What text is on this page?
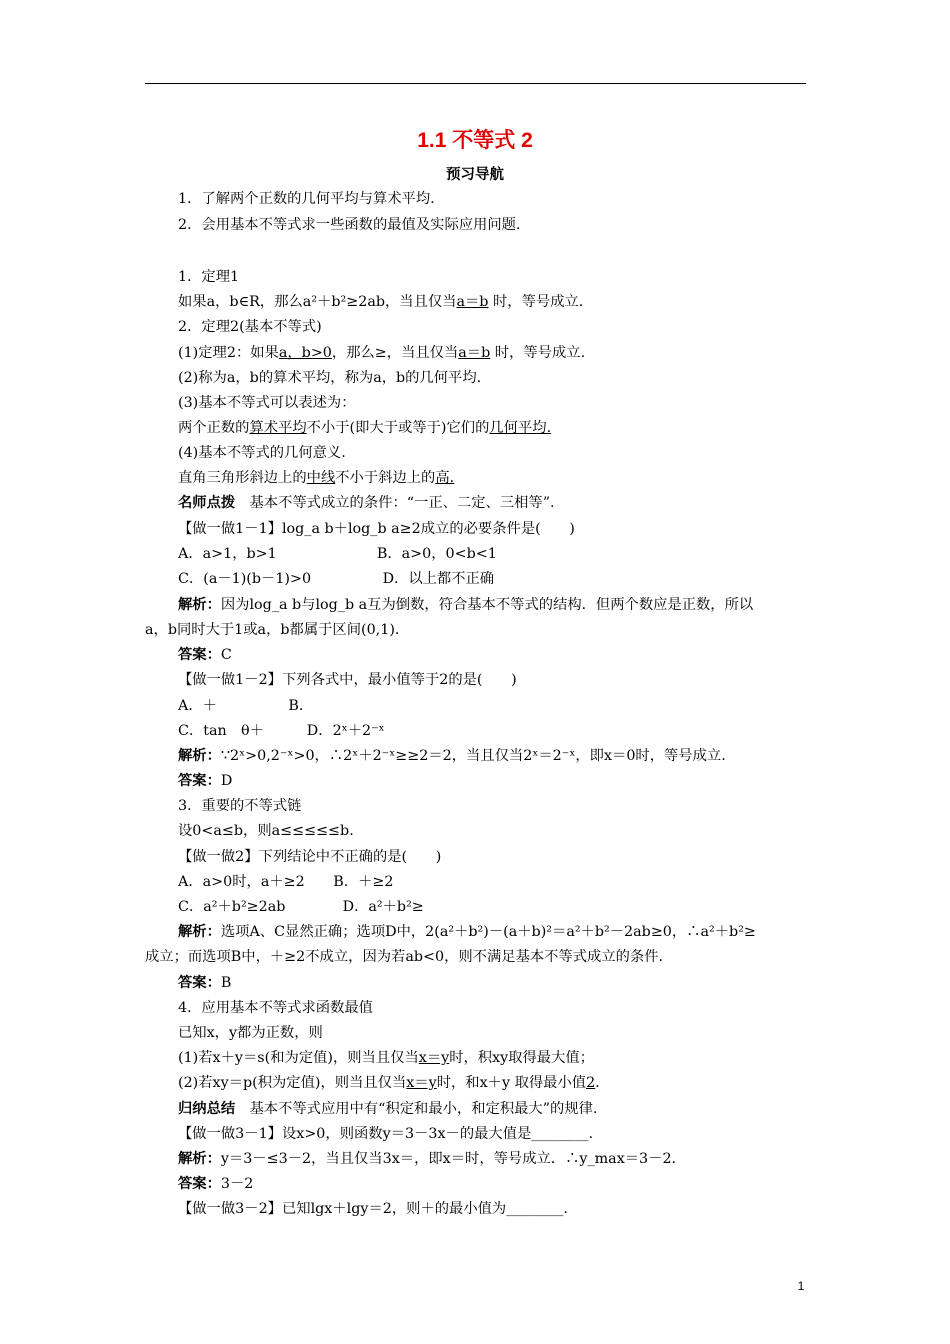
1.1 不等式 2
预习导航
1．了解两个正数的几何平均与算术平均.
2．会用基本不等式求一些函数的最值及实际应用问题.
1．定理1
如果a，b∈R，那么a²＋b²≥2ab，当且仅当a＝b 时，等号成立.
2．定理2(基本不等式)
(1)定理2：如果a，b>0，那么≥，当且仅当a＝b 时，等号成立.
(2)称为a，b的算术平均，称为a，b的几何平均.
(3)基本不等式可以表述为：
两个正数的算术平均不小于(即大于或等于)它们的几何平均.
(4)基本不等式的几何意义.
直角三角形斜边上的中线不小于斜边上的高.
名师点拨　基本不等式成立的条件：“一正、二定、三相等”.
【做一做1－1】log_a b＋log_b a≥2成立的必要条件是(　　)
A．a>1，b>1　　　　　　　B．a>0，0<b<1
C．(a－1)(b－1)>0　　　　　D．以上都不正确
解析：因为log_a b与log_b a互为倒数，符合基本不等式的结构．但两个数应是正数，所以
a，b同时大于1或a，b都属于区间(0,1).
答案：C
【做一做1－2】下列各式中，最小值等于2的是(　　)
A．＋　　　　　B．
C．tan　θ＋　　　D．2ˣ＋2⁻ˣ
解析：∵2ˣ>0,2⁻ˣ>0，∴2ˣ＋2⁻ˣ≥≥2＝2，当且仅当2ˣ＝2⁻ˣ，即x＝0时，等号成立.
答案：D
3．重要的不等式链
设0<a≤b，则a≤≤≤≤≤b.
【做一做2】下列结论中不正确的是(　　)
A．a>0时，a＋≥2　　B．＋≥2
C．a²＋b²≥2ab　　　　D．a²＋b²≥
解析：选项A、C显然正确；选项D中，2(a²＋b²)－(a＋b)²＝a²＋b²－2ab≥0，∴a²＋b²≥
成立；而选项B中，＋≥2不成立，因为若ab<0，则不满足基本不等式成立的条件.
答案：B
4．应用基本不等式求函数最值
已知x，y都为正数，则
(1)若x＋y＝s(和为定值)，则当且仅当x＝y时，积xy取得最大值；
(2)若xy＝p(积为定值)，则当且仅当x＝y时，和x＋y 取得最小值2.
归纳总结　基本不等式应用中有“积定和最小，和定积最大”的规律.
【做一做3－1】设x>0，则函数y＝3－3x－的最大值是________.
解析：y＝3－≤3－2，当且仅当3x＝，即x＝时，等号成立．∴y_max＝3－2.
答案：3－2
【做一做3－2】已知lgx＋lgy＝2，则＋的最小值为________.
1
